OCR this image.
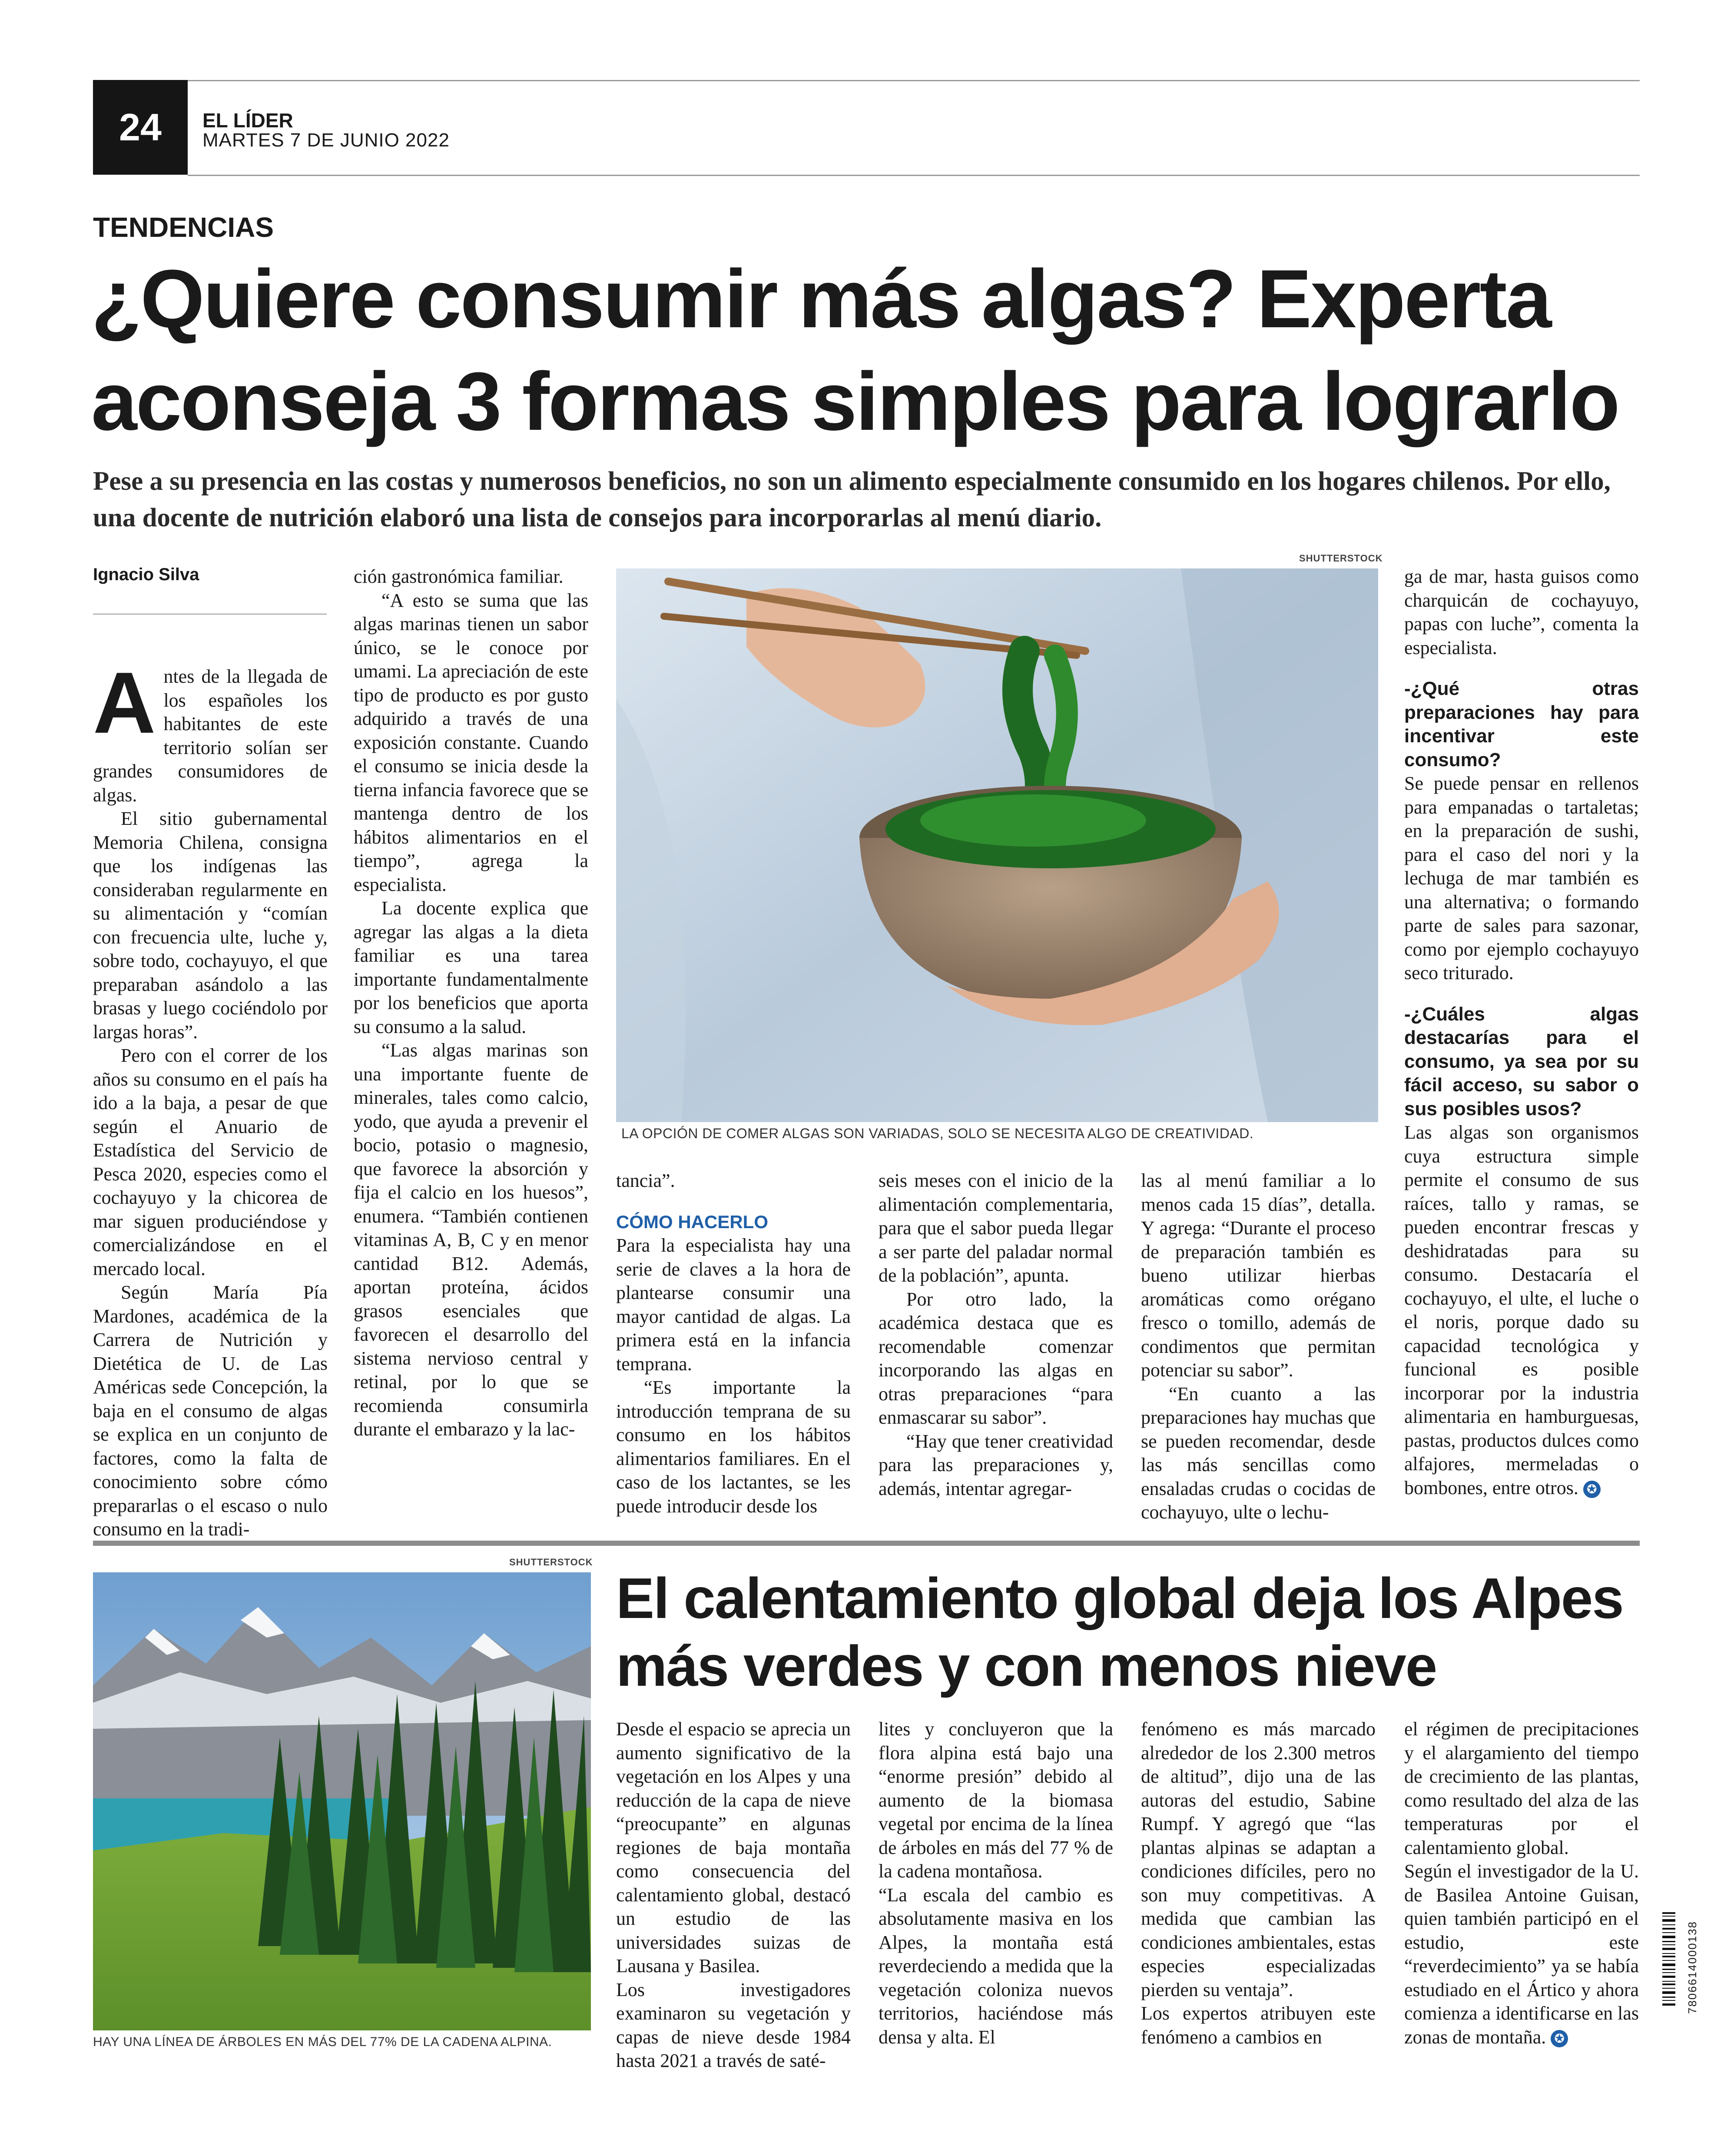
24	EL LÍDER
MARTES 7 DE JUNIO 2022
TENDENCIAS
¿Quiere consumir más algas? Experta aconseja 3 formas simples para lograrlo
Pese a su presencia en las costas y numerosos beneficios, no son un alimento especialmente consumido en los hogares chilenos. Por ello, una docente de nutrición elaboró una lista de consejos para incorporarlas al menú diario.
Ignacio Silva

Antes de la llegada de los españoles los habitantes de este territorio solían ser grandes consumidores de algas.

El sitio gubernamental Memoria Chilena, consigna que los indígenas las consideraban regularmente en su alimentación y “comían con frecuencia ulte, luche y, sobre todo, cochayuyo, el que preparaban asándolo a las brasas y luego cociéndolo por largas horas”.

Pero con el correr de los años su consumo en el país ha ido a la baja, a pesar de que según el Anuario de Estadística del Servicio de Pesca 2020, especies como el cochayuyo y la chicorea de mar siguen produciéndose y comercializándose en el mercado local.

Según María Pía Mardones, académica de la Carrera de Nutrición y Dietética de U. de Las Américas sede Concepción, la baja en el consumo de algas se explica en un conjunto de factores, como la falta de conocimiento sobre cómo prepararlas o el escaso o nulo consumo en la tradi-

ción gastronómica familiar.

“A esto se suma que las algas marinas tienen un sabor único, se le conoce por umami. La apreciación de este tipo de producto es por gusto adquirido a través de una exposición constante. Cuando el consumo se inicia desde la tierna infancia favorece que se mantenga dentro de los hábitos alimentarios en el tiempo”, agrega la especialista.

La docente explica que agregar las algas a la dieta familiar es una tarea importante fundamentalmente por los beneficios que aporta su consumo a la salud.

“Las algas marinas son una importante fuente de minerales, tales como calcio, yodo, que ayuda a prevenir el bocio, potasio o magnesio, que favorece la absorción y fija el calcio en los huesos”, enumera. “También contienen vitaminas A, B, C y en menor cantidad B12. Además, aportan proteína, ácidos grasos esenciales que favorecen el desarrollo del sistema nervioso central y retinal, por lo que se recomienda consumirla durante el embarazo y la lac-

SHUTTERSTOCK
LA OPCIÓN DE COMER ALGAS SON VARIADAS, SOLO SE NECESITA ALGO DE CREATIVIDAD.

tancia”.

CÓMO HACERLO

Para la especialista hay una serie de claves a la hora de plantearse consumir una mayor cantidad de algas. La primera está en la infancia temprana.

“Es importante la introducción temprana de su consumo en los hábitos alimentarios familiares. En el caso de los lactantes, se les puede introducir desde los

seis meses con el inicio de la alimentación complementaria, para que el sabor pueda llegar a ser parte del paladar normal de la población”, apunta.

Por otro lado, la académica destaca que es recomendable comenzar incorporando las algas en otras preparaciones “para enmascarar su sabor”.

“Hay que tener creatividad para las preparaciones y, además, intentar agregar-

las al menú familiar a lo menos cada 15 días”, detalla. Y agrega: “Durante el proceso de preparación también es bueno utilizar hierbas aromáticas como orégano fresco o tomillo, además de condimentos que permitan potenciar su sabor”.

“En cuanto a las preparaciones hay muchas que se pueden recomendar, desde las más sencillas como ensaladas crudas o cocidas de cochayuyo, ulte o lechu-

ga de mar, hasta guisos como charquicán de cochayuyo, papas con luche”, comenta la especialista.

-¿Qué otras preparaciones hay para incentivar este consumo?

Se puede pensar en rellenos para empanadas o tartaletas; en la preparación de sushi, para el caso del nori y la lechuga de mar también es una alternativa; o formando parte de sales para sazonar, como por ejemplo cochayuyo seco triturado.

-¿Cuáles algas destacarías para el consumo, ya sea por su fácil acceso, su sabor o sus posibles usos?

Las algas son organismos cuya estructura simple permite el consumo de sus raíces, tallo y ramas, se pueden encontrar frescas y deshidratadas para su consumo. Destacaría el cochayuyo, el ulte, el luche o el noris, porque dado su capacidad tecnológica y funcional es posible incorporar por la industria alimentaria en hamburguesas, pastas, productos dulces como alfajores, mermeladas o bombones, entre otros. ✪

SHUTTERSTOCK
HAY UNA LÍNEA DE ÁRBOLES EN MÁS DEL 77% DE LA CADENA ALPINA.
El calentamiento global deja los Alpes más verdes y con menos nieve

Desde el espacio se aprecia un aumento significativo de la vegetación en los Alpes y una reducción de la capa de nieve “preocupante” en algunas regiones de baja montaña como consecuencia del calentamiento global, destacó un estudio de las universidades suizas de Lausana y Basilea.

Los investigadores examinaron su vegetación y capas de nieve desde 1984 hasta 2021 a través de saté-

lites y concluyeron que la flora alpina está bajo una “enorme presión” debido al aumento de la biomasa vegetal por encima de la línea de árboles en más del 77 % de la cadena montañosa.

“La escala del cambio es absolutamente masiva en los Alpes, la montaña está reverdeciendo a medida que la vegetación coloniza nuevos territorios, haciéndose más densa y alta. El

fenómeno es más marcado alrededor de los 2.300 metros de altitud”, dijo una de las autoras del estudio, Sabine Rumpf. Y agregó que “las plantas alpinas se adaptan a condiciones difíciles, pero no son muy competitivas. A medida que cambian las condiciones ambientales, estas especies especializadas pierden su ventaja”.

Los expertos atribuyen este fenómeno a cambios en

el régimen de precipitaciones y el alargamiento del tiempo de crecimiento de las plantas, como resultado del alza de las temperaturas por el calentamiento global.

Según el investigador de la U. de Basilea Antoine Guisan, quien también participó en el estudio, este “reverdecimiento” ya se había estudiado en el Ártico y ahora comienza a identificarse en las zonas de montaña. ✪

7806614000138
